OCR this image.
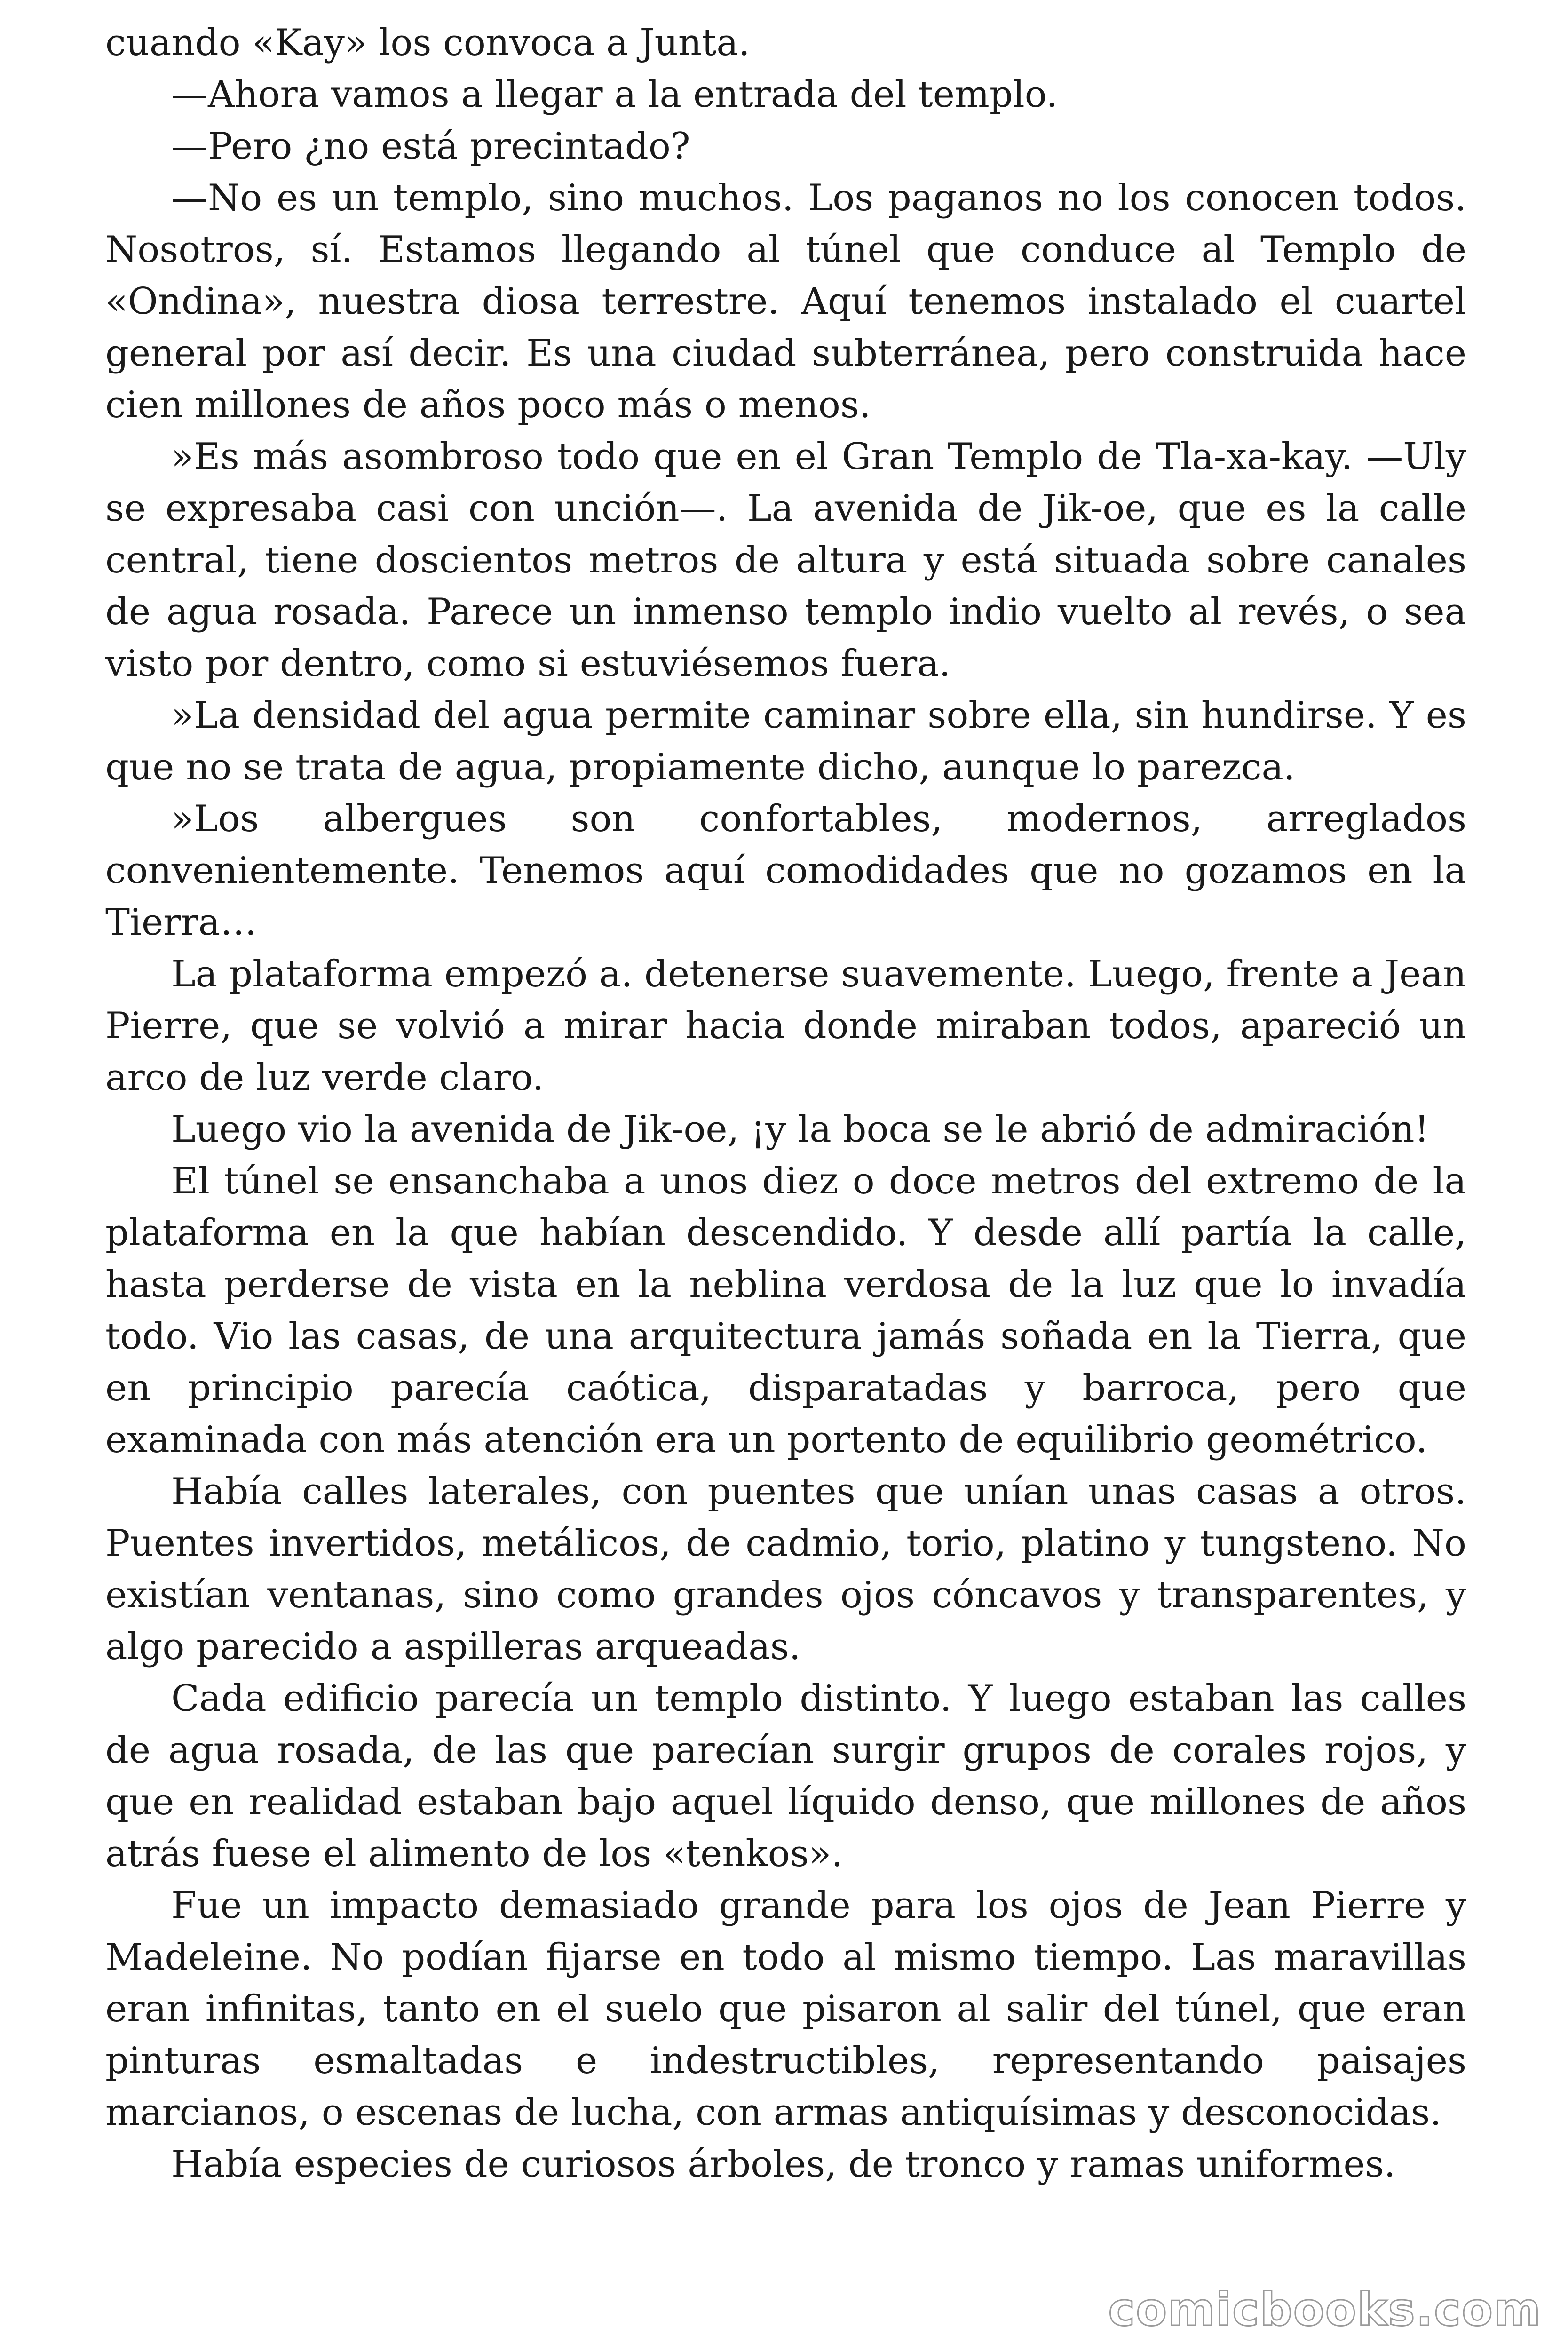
cuando «Kay» los convoca a Junta.

—Ahora vamos a llegar a la entrada del templo.

—Pero ¿no está precintado?

—No es un templo, sino muchos. Los paganos no los conocen todos. Nosotros, sí. Estamos llegando al túnel que conduce al Templo de «Ondina», nuestra diosa terrestre. Aquí tenemos instalado el cuartel general por así decir. Es una ciudad subterránea, pero construida hace cien millones de años poco más o menos.

»Es más asombroso todo que en el Gran Templo de Tla-xa-kay. —Uly se expresaba casi con unción—. La avenida de Jik-oe, que es la calle central, tiene doscientos metros de altura y está situada sobre canales de agua rosada. Parece un inmenso templo indio vuelto al revés, o sea visto por dentro, como si estuviésemos fuera.

»La densidad del agua permite caminar sobre ella, sin hundirse. Y es que no se trata de agua, propiamente dicho, aunque lo parezca.

»Los albergues son confortables, modernos, arreglados convenientemente. Tenemos aquí comodidades que no gozamos en la Tierra…

La plataforma empezó a. detenerse suavemente. Luego, frente a Jean Pierre, que se volvió a mirar hacia donde miraban todos, apareció un arco de luz verde claro.

Luego vio la avenida de Jik-oe, ¡y la boca se le abrió de admiración!

El túnel se ensanchaba a unos diez o doce metros del extremo de la plataforma en la que habían descendido. Y desde allí partía la calle, hasta perderse de vista en la neblina verdosa de la luz que lo invadía todo. Vio las casas, de una arquitectura jamás soñada en la Tierra, que en principio parecía caótica, disparatadas y barroca, pero que examinada con más atención era un portento de equilibrio geométrico.

Había calles laterales, con puentes que unían unas casas a otros. Puentes invertidos, metálicos, de cadmio, torio, platino y tungsteno. No existían ventanas, sino como grandes ojos cóncavos y transparentes, y algo parecido a aspilleras arqueadas.

Cada edificio parecía un templo distinto. Y luego estaban las calles de agua rosada, de las que parecían surgir grupos de corales rojos, y que en realidad estaban bajo aquel líquido denso, que millones de años atrás fuese el alimento de los «tenkos».

Fue un impacto demasiado grande para los ojos de Jean Pierre y Madeleine. No podían fijarse en todo al mismo tiempo. Las maravillas eran infinitas, tanto en el suelo que pisaron al salir del túnel, que eran pinturas esmaltadas e indestructibles, representando paisajes marcianos, o escenas de lucha, con armas antiquísimas y desconocidas.

Había especies de curiosos árboles, de tronco y ramas uniformes.

comicbooks.com
